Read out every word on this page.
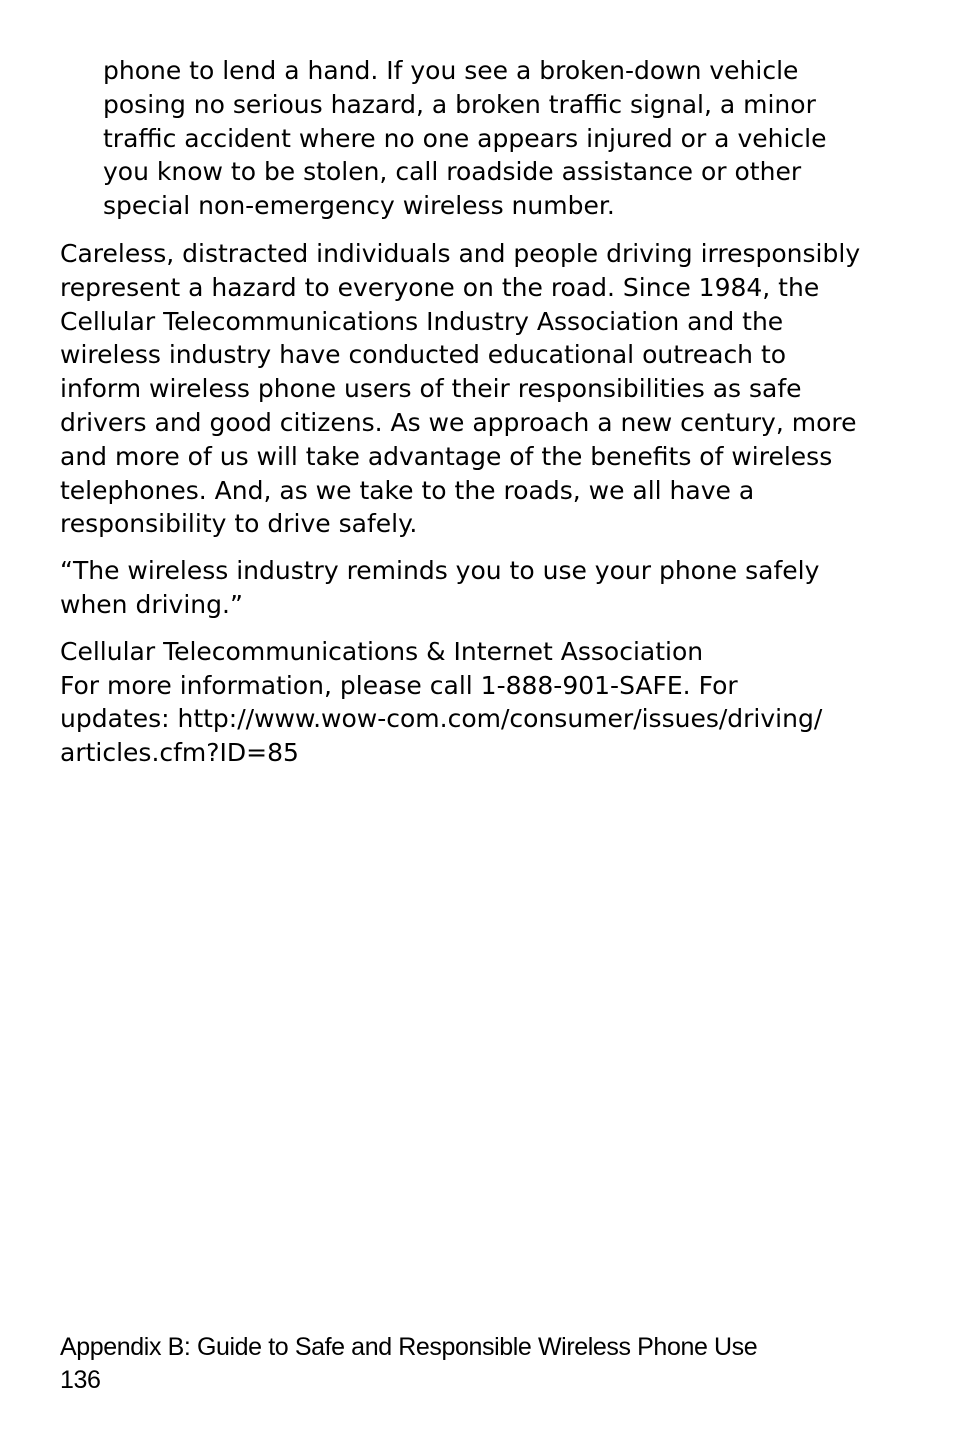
phone to lend a hand. If you see a broken-down vehicle
posing no serious hazard, a broken traffic signal, a minor
traffic accident where no one appears injured or a vehicle
you know to be stolen, call roadside assistance or other
special non-emergency wireless number.

Careless, distracted individuals and people driving irresponsibly
represent a hazard to everyone on the road. Since 1984, the
Cellular Telecommunications Industry Association and the
wireless industry have conducted educational outreach to
inform wireless phone users of their responsibilities as safe
drivers and good citizens. As we approach a new century, more
and more of us will take advantage of the benefits of wireless
telephones. And, as we take to the roads, we all have a
responsibility to drive safely.

“The wireless industry reminds you to use your phone safely
when driving.”

Cellular Telecommunications & Internet Association
For more information, please call 1-888-901-SAFE. For
updates: http://www.wow-com.com/consumer/issues/driving/
articles.cfm?ID=85

Appendix B: Guide to Safe and Responsible Wireless Phone Use
136
